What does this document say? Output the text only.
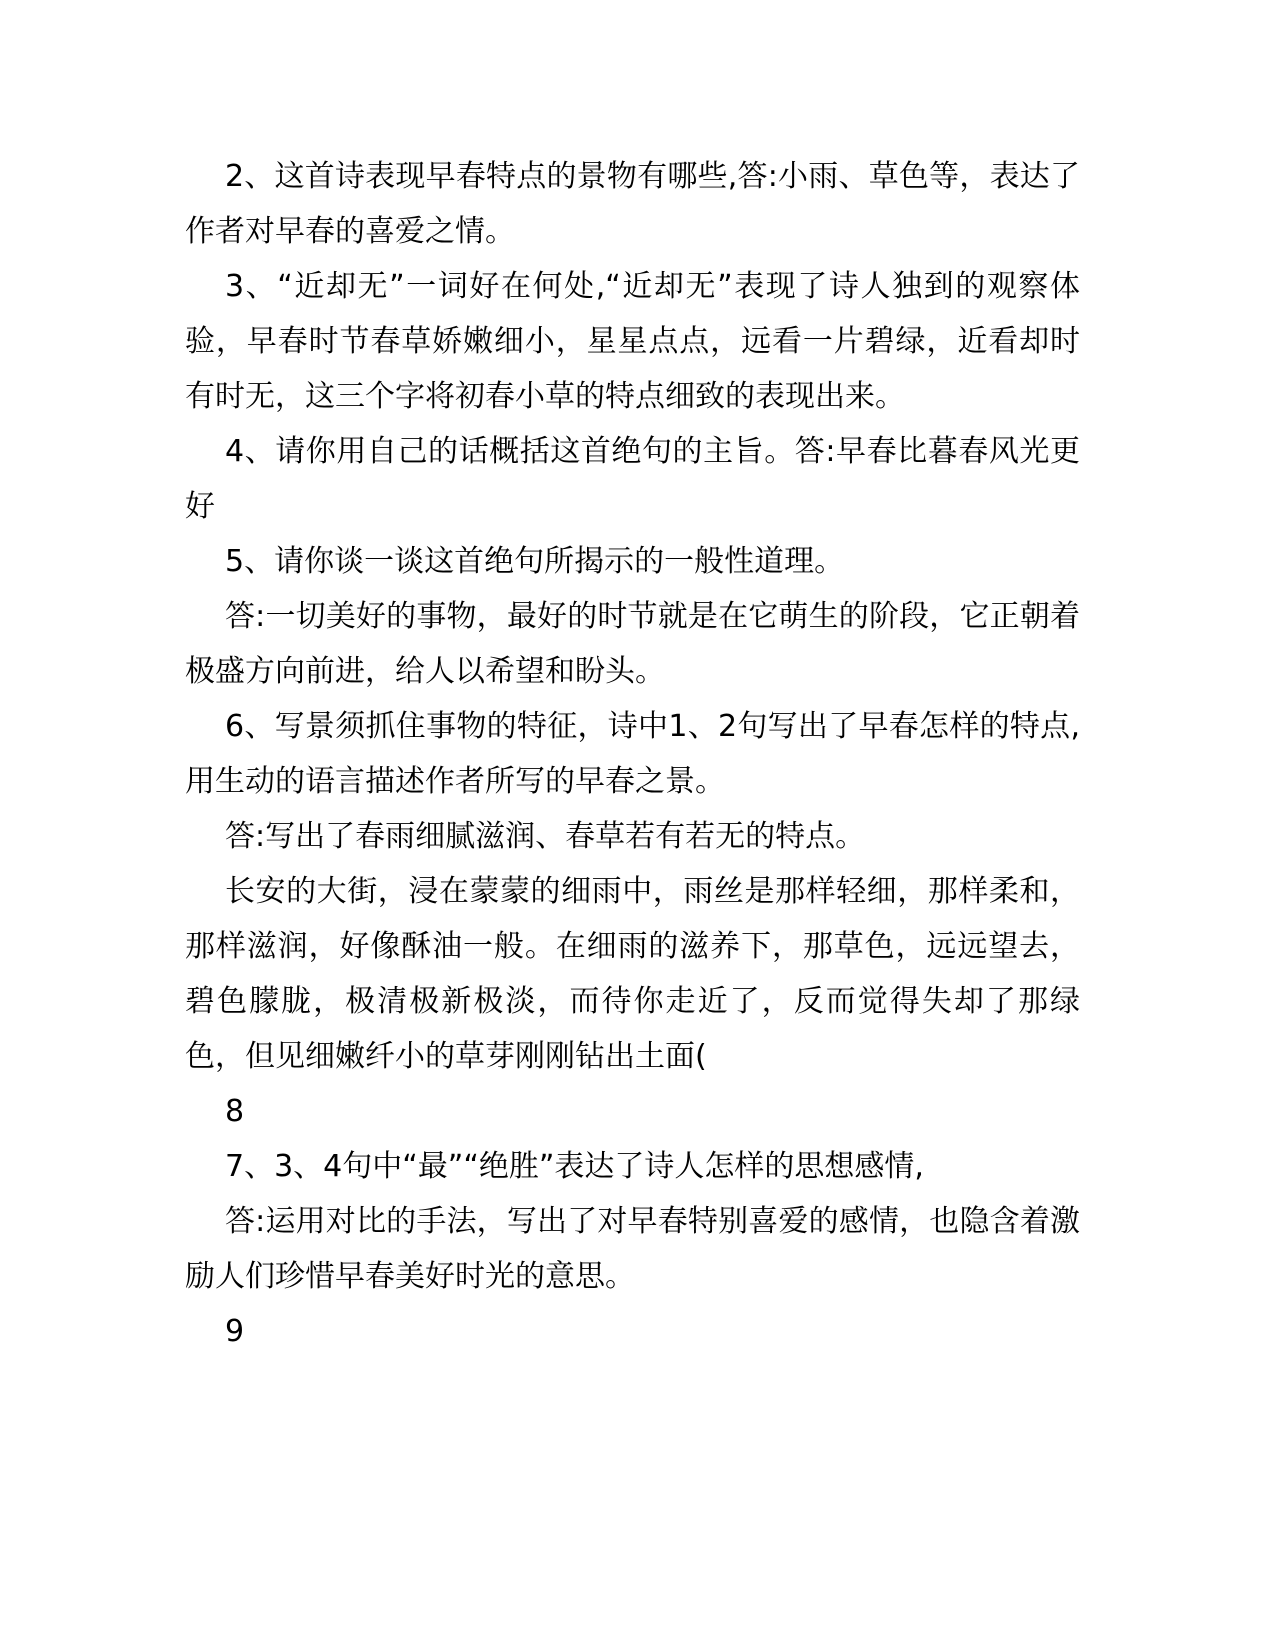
2、这首诗表现早春特点的景物有哪些,答:小雨、草色等，表达了作者对早春的喜爱之情。

3、“近却无”一词好在何处,“近却无”表现了诗人独到的观察体验，早春时节春草娇嫩细小，星星点点，远看一片碧绿，近看却时有时无，这三个字将初春小草的特点细致的表现出来。

4、请你用自己的话概括这首绝句的主旨。答:早春比暮春风光更好

5、请你谈一谈这首绝句所揭示的一般性道理。

答:一切美好的事物，最好的时节就是在它萌生的阶段，它正朝着极盛方向前进，给人以希望和盼头。

6、写景须抓住事物的特征，诗中1、2句写出了早春怎样的特点,用生动的语言描述作者所写的早春之景。

答:写出了春雨细腻滋润、春草若有若无的特点。

长安的大街，浸在蒙蒙的细雨中，雨丝是那样轻细，那样柔和，那样滋润，好像酥油一般。在细雨的滋养下，那草色，远远望去，碧色朦胧，极清极新极淡，而待你走近了，反而觉得失却了那绿色，但见细嫩纤小的草芽刚刚钻出土面(

8

7、3、4句中“最”“绝胜”表达了诗人怎样的思想感情,

答:运用对比的手法，写出了对早春特别喜爱的感情，也隐含着激励人们珍惜早春美好时光的意思。

9
